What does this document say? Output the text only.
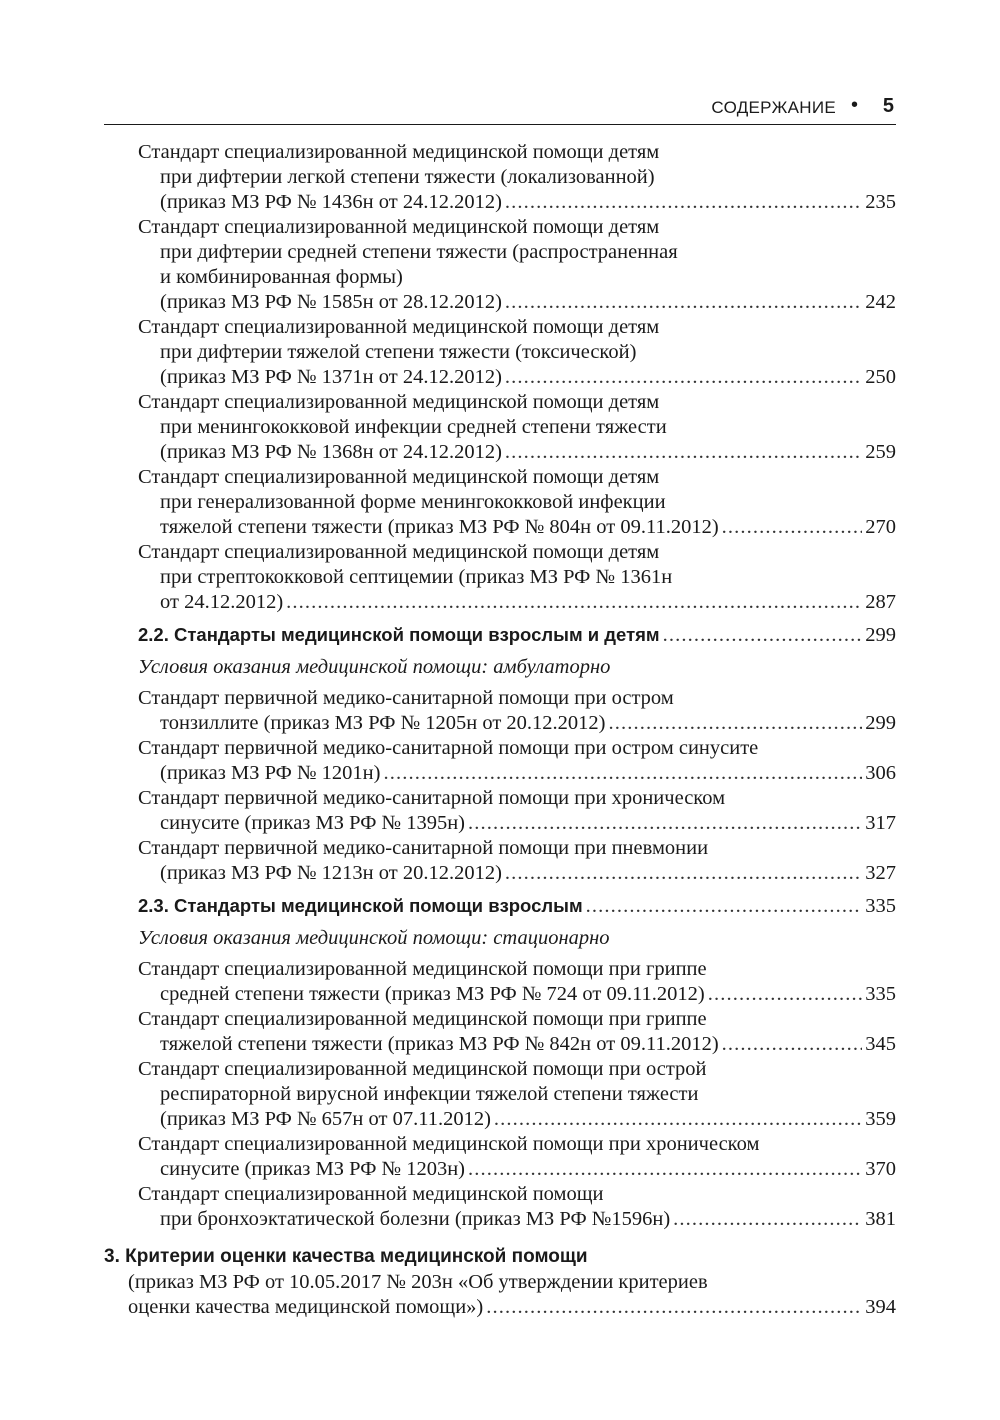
СОДЕРЖАНИЕ • 5
Стандарт специализированной медицинской помощи детям
при дифтерии легкой степени тяжести (локализованной)
(приказ МЗ РФ № 1436н от 24.12.2012) . . .	235
Стандарт специализированной медицинской помощи детям
при дифтерии средней степени тяжести (распространенная
и комбинированная формы)
(приказ МЗ РФ № 1585н от 28.12.2012) . . .	242
Стандарт специализированной медицинской помощи детям
при дифтерии тяжелой степени тяжести (токсической)
(приказ МЗ РФ № 1371н от 24.12.2012) . . .	250
Стандарт специализированной медицинской помощи детям
при менингококковой инфекции средней степени тяжести
(приказ МЗ РФ № 1368н от 24.12.2012) . . .	259
Стандарт специализированной медицинской помощи детям
при генерализованной форме менингококковой инфекции
тяжелой степени тяжести (приказ МЗ РФ № 804н от 09.11.2012) . . .	270
Стандарт специализированной медицинской помощи детям
при стрептококковой септицемии (приказ МЗ РФ № 1361н
от 24.12.2012) . . .	287
2.2. Стандарты медицинской помощи взрослым и детям . . .	299
Условия оказания медицинской помощи: амбулаторно
Стандарт первичной медико-санитарной помощи при остром
тонзиллите (приказ МЗ РФ № 1205н от 20.12.2012) . . .	299
Стандарт первичной медико-санитарной помощи при остром синусите
(приказ МЗ РФ № 1201н) . . .	306
Стандарт первичной медико-санитарной помощи при хроническом
синусите (приказ МЗ РФ № 1395н) . . .	317
Стандарт первичной медико-санитарной помощи при пневмонии
(приказ МЗ РФ № 1213н от 20.12.2012) . . .	327
2.3. Стандарты медицинской помощи взрослым . . .	335
Условия оказания медицинской помощи: стационарно
Стандарт специализированной медицинской помощи при гриппе
средней степени тяжести (приказ МЗ РФ № 724 от 09.11.2012) . . .	335
Стандарт специализированной медицинской помощи при гриппе
тяжелой степени тяжести (приказ МЗ РФ № 842н от 09.11.2012) . . .	345
Стандарт специализированной медицинской помощи при острой
респираторной вирусной инфекции тяжелой степени тяжести
(приказ МЗ РФ № 657н от 07.11.2012) . . .	359
Стандарт специализированной медицинской помощи при хроническом
синусите (приказ МЗ РФ № 1203н) . . .	370
Стандарт специализированной медицинской помощи
при бронхоэктатической болезни (приказ МЗ РФ №1596н) . . .	381
3. Критерии оценки качества медицинской помощи
(приказ МЗ РФ от 10.05.2017 № 203н «Об утверждении критериев
оценки качества медицинской помощи») . . .	394
